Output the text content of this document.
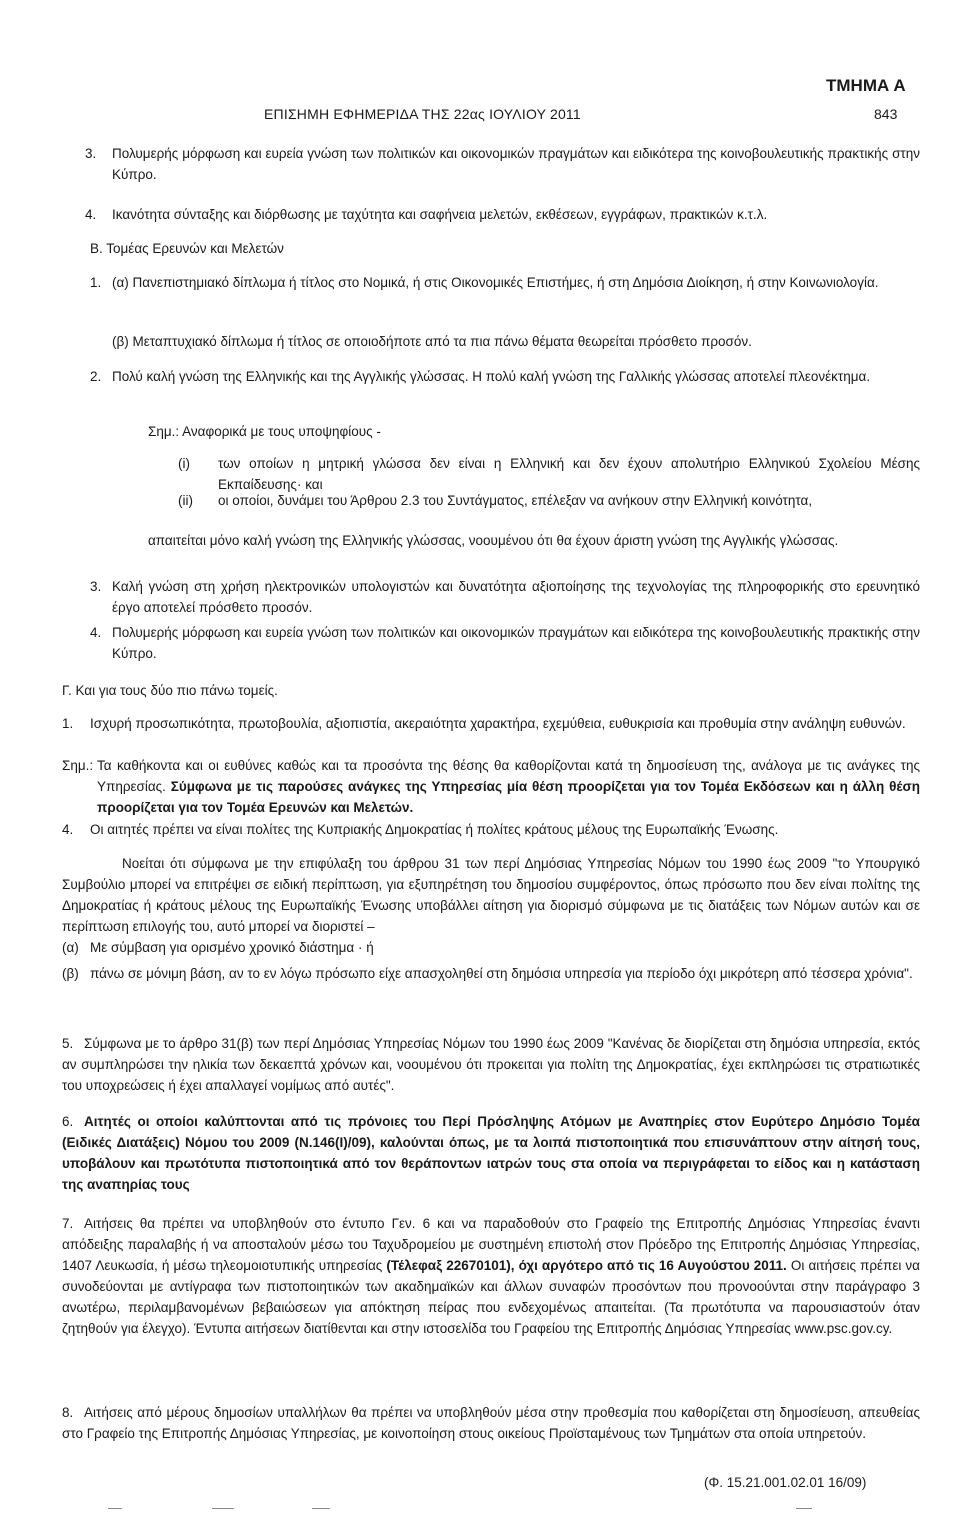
ΤΜΗΜΑ Α
ΕΠΙΣΗΜΗ ΕΦΗΜΕΡΙΔΑ ΤΗΣ 22ας ΙΟΥΛΙΟΥ 2011	843
3. Πολυμερής μόρφωση και ευρεία γνώση των πολιτικών και οικονομικών πραγμάτων και ειδικότερα της κοινοβουλευτικής πρακτικής στην Κύπρο.
4. Ικανότητα σύνταξης και διόρθωσης με ταχύτητα και σαφήνεια μελετών, εκθέσεων, εγγράφων, πρακτικών κ.τ.λ.
Β. Τομέας Ερευνών και Μελετών
1. (α) Πανεπιστημιακό δίπλωμα ή τίτλος στο Νομικά, ή στις Οικονομικές Επιστήμες, ή στη Δημόσια Διοίκηση, ή στην Κοινωνιολογία.
(β) Μεταπτυχιακό δίπλωμα ή τίτλος σε οποιοδήποτε από τα πια πάνω θέματα θεωρείται πρόσθετο προσόν.
2. Πολύ καλή γνώση της Ελληνικής και της Αγγλικής γλώσσας. Η πολύ καλή γνώση της Γαλλικής γλώσσας αποτελεί πλεονέκτημα.
Σημ.: Αναφορικά με τους υποψηφίους -
(i) των οποίων η μητρική γλώσσα δεν είναι η Ελληνική και δεν έχουν απολυτήριο Ελληνικού Σχολείου Μέσης Εκπαίδευσης· και
(ii) οι οποίοι, δυνάμει του Άρθρου 2.3 του Συντάγματος, επέλεξαν να ανήκουν στην Ελληνική κοινότητα,
απαιτείται μόνο καλή γνώση της Ελληνικής γλώσσας, νοουμένου ότι θα έχουν άριστη γνώση της Αγγλικής γλώσσας.
3. Καλή γνώση στη χρήση ηλεκτρονικών υπολογιστών και δυνατότητα αξιοποίησης της τεχνολογίας της πληροφορικής στο ερευνητικό έργο αποτελεί πρόσθετο προσόν.
4. Πολυμερής μόρφωση και ευρεία γνώση των πολιτικών και οικονομικών πραγμάτων και ειδικότερα της κοινοβουλευτικής πρακτικής στην Κύπρο.
Γ. Και για τους δύο πιο πάνω τομείς.
1. Ισχυρή προσωπικότητα, πρωτοβουλία, αξιοπιστία, ακεραιότητα χαρακτήρα, εχεμύθεια, ευθυκρισία και προθυμία στην ανάληψη ευθυνών.
Σημ.: Τα καθήκοντα και οι ευθύνες καθώς και τα προσόντα της θέσης θα καθορίζονται κατά τη δημοσίευση της, ανάλογα με τις ανάγκες της Υπηρεσίας. Σύμφωνα με τις παρούσες ανάγκες της Υπηρεσίας μία θέση προορίζεται για τον Τομέα Εκδόσεων και η άλλη θέση προορίζεται για τον Τομέα Ερευνών και Μελετών.
4. Οι αιτητές πρέπει να είναι πολίτες της Κυπριακής Δημοκρατίας ή πολίτες κράτους μέλους της Ευρωπαϊκής Ένωσης.
Νοείται ότι σύμφωνα με την επιφύλαξη του άρθρου 31 των περί Δημόσιας Υπηρεσίας Νόμων του 1990 έως 2009 "το Υπουργικό Συμβούλιο μπορεί να επιτρέψει σε ειδική περίπτωση, για εξυπηρέτηση του δημοσίου συμφέροντος, όπως πρόσωπο που δεν είναι πολίτης της Δημοκρατίας ή κράτους μέλους της Ευρωπαϊκής Ένωσης υποβάλλει αίτηση για διορισμό σύμφωνα με τις διατάξεις των Νόμων αυτών και σε περίπτωση επιλογής του, αυτό μπορεί να διοριστεί –
(α) Με σύμβαση για ορισμένο χρονικό διάστημα · ή
(β) πάνω σε μόνιμη βάση, αν το εν λόγω πρόσωπο είχε απασχοληθεί στη δημόσια υπηρεσία για περίοδο όχι μικρότερη από τέσσερα χρόνια".
5. Σύμφωνα με το άρθρο 31(β) των περί Δημόσιας Υπηρεσίας Νόμων του 1990 έως 2009 "Κανένας δε διορίζεται στη δημόσια υπηρεσία, εκτός αν συμπληρώσει την ηλικία των δεκαεπτά χρόνων και, νοουμένου ότι προκειται για πολίτη της Δημοκρατίας, έχει εκπληρώσει τις στρατιωτικές του υποχρεώσεις ή έχει απαλλαγεί νομίμως από αυτές".
6. Αιτητές οι οποίοι καλύπτονται από τις πρόνοιες του Περί Πρόσληψης Ατόμων με Αναπηρίες στον Ευρύτερο Δημόσιο Τομέα (Ειδικές Διατάξεις) Νόμου του 2009 (Ν.146(Ι)/09), καλούνται όπως, με τα λοιπά πιστοποιητικά που επισυνάπτουν στην αίτησή τους, υποβάλουν και πρωτότυπα πιστοποιητικά από τον θεράποντων ιατρών τους στα οποία να περιγράφεται το είδος και η κατάσταση της αναπηρίας τους
7. Αιτήσεις θα πρέπει να υποβληθούν στο έντυπο Γεν. 6 και να παραδοθούν στο Γραφείο της Επιτροπής Δημόσιας Υπηρεσίας έναντι απόδειξης παραλαβής ή να αποσταλούν μέσω του Ταχυδρομείου με συστημένη επιστολή στον Πρόεδρο της Επιτροπής Δημόσιας Υπηρεσίας, 1407 Λευκωσία, ή μέσω τηλεομοιοτυπικής υπηρεσίας (Τέλεφαξ 22670101), όχι αργότερο από τις 16 Αυγούστου 2011. Οι αιτήσεις πρέπει να συνοδεύονται με αντίγραφα των πιστοποιητικών των ακαδημαϊκών και άλλων συναφών προσόντων που προνοούνται στην παράγραφο 3 ανωτέρω, περιλαμβανομένων βεβαιώσεων για απόκτηση πείρας που ενδεχομένως απαιτείται. (Τα πρωτότυπα να παρουσιαστούν όταν ζητηθούν για έλεγχο). Έντυπα αιτήσεων διατίθενται και στην ιστοσελίδα του Γραφείου της Επιτροπής Δημόσιας Υπηρεσίας www.psc.gov.cy.
8. Αιτήσεις από μέρους δημοσίων υπαλλήλων θα πρέπει να υποβληθούν μέσα στην προθεσμία που καθορίζεται στη δημοσίευση, απευθείας στο Γραφείο της Επιτροπής Δημόσιας Υπηρεσίας, με κοινοποίηση στους οικείους Προϊσταμένους των Τμημάτων στα οποία υπηρετούν.
(Φ. 15.21.001.02.01 16/09)
